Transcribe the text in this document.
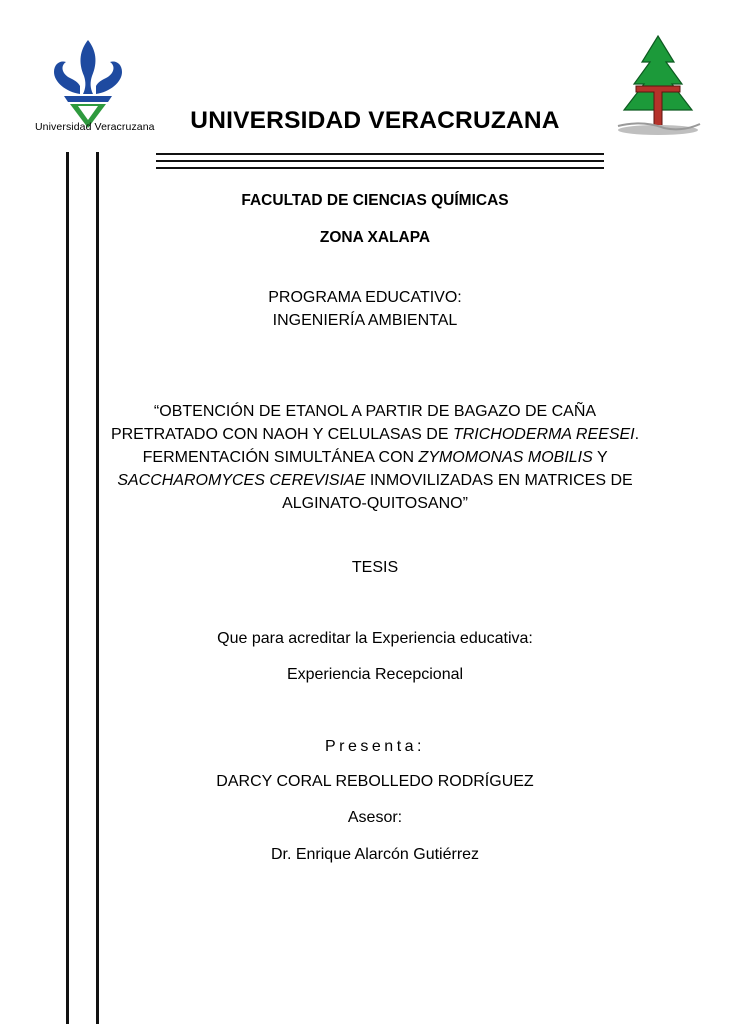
Universidad Veracruzana	UNIVERSIDAD VERACRUZANA
FACULTAD DE CIENCIAS QUÍMICAS
ZONA XALAPA
PROGRAMA EDUCATIVO:
INGENIERÍA AMBIENTAL
“OBTENCIÓN DE ETANOL A PARTIR DE BAGAZO DE CAÑA PRETRATADO CON NAOH Y CELULASAS DE TRICHODERMA REESEI. FERMENTACIÓN SIMULTÁNEA CON ZYMOMONAS MOBILIS Y SACCHAROMYCES CEREVISIAE INMOVILIZADAS EN MATRICES DE ALGINATO-QUITOSANO”
TESIS
Que para acreditar la Experiencia educativa:
Experiencia Recepcional
Presenta:
DARCY CORAL REBOLLEDO RODRÍGUEZ
Asesor:
Dr. Enrique Alarcón Gutiérrez
